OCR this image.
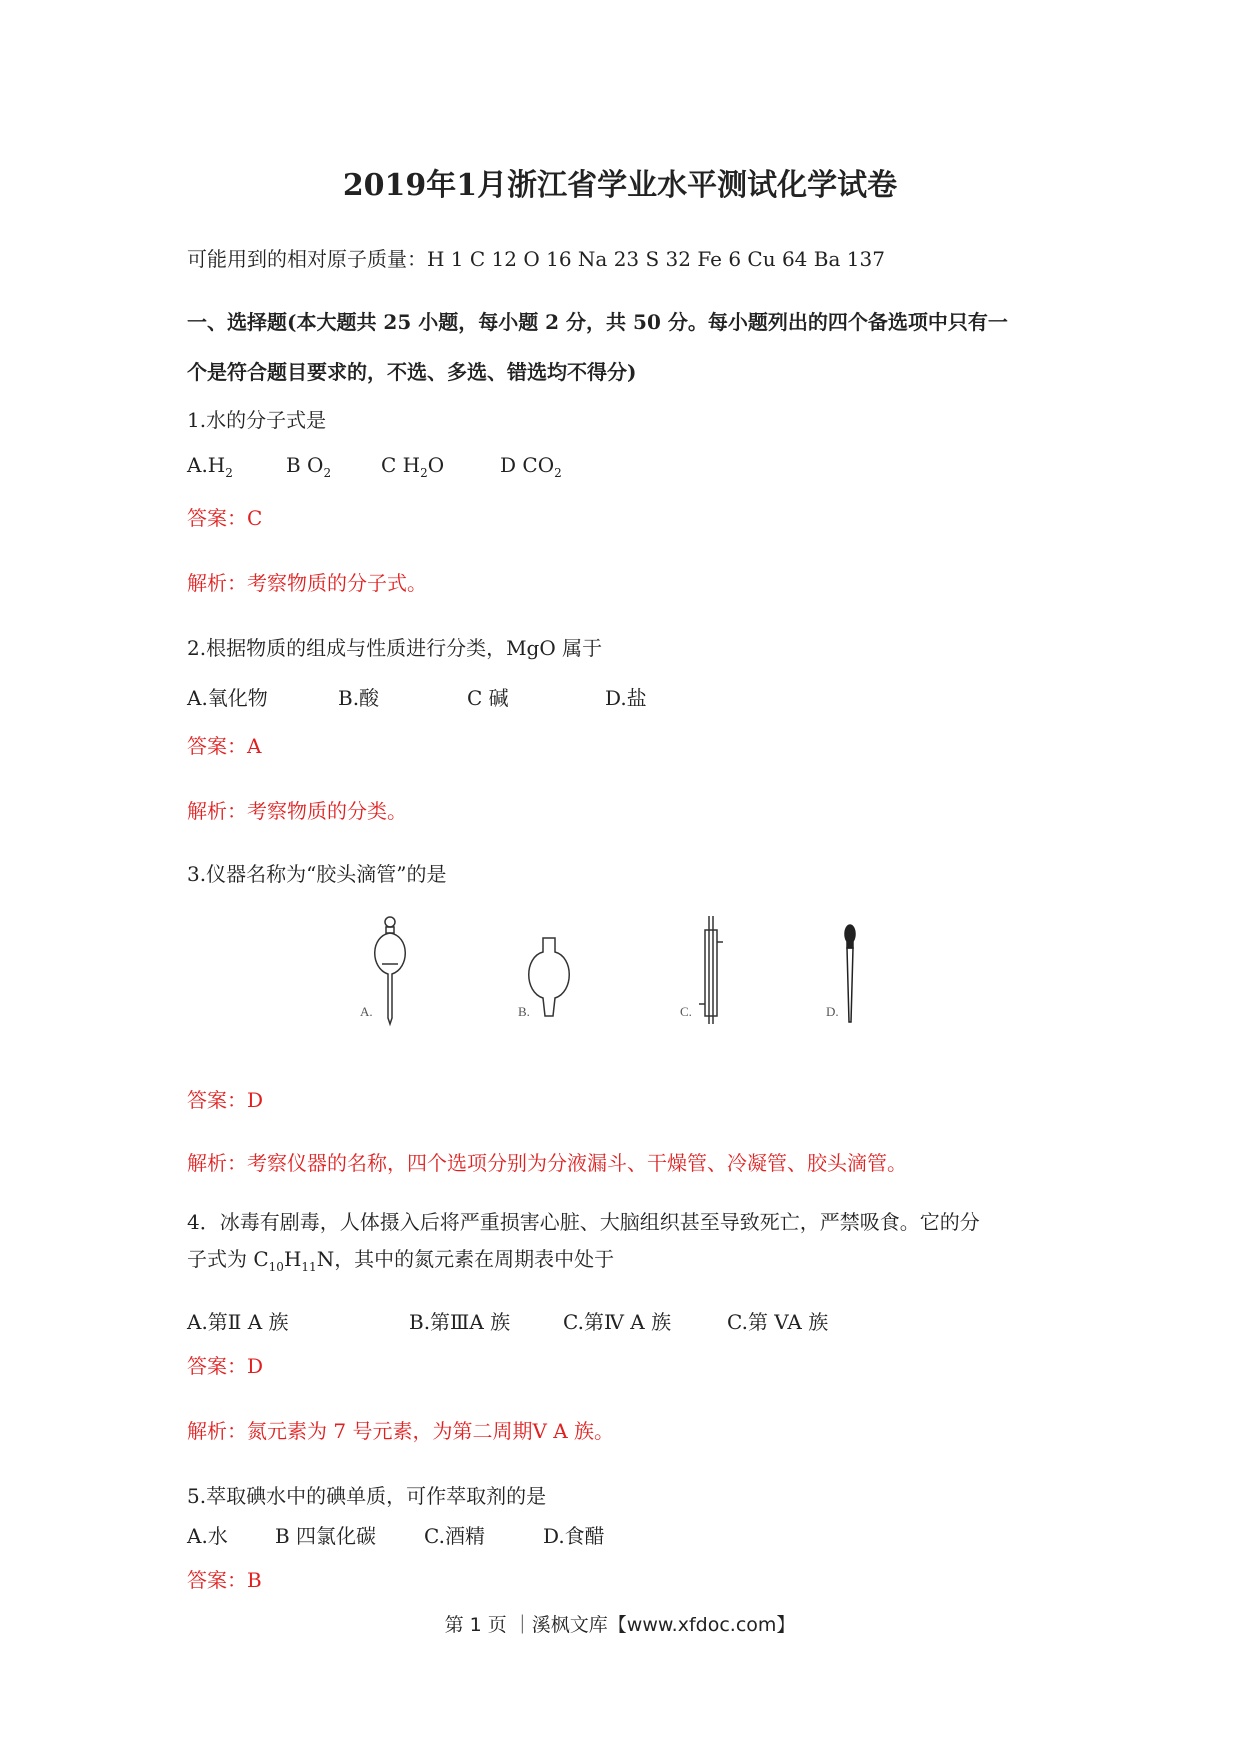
2019年1月浙江省学业水平测试化学试卷
可能用到的相对原子质量：H 1 C 12 O 16 Na 23 S 32 Fe 6 Cu 64 Ba 137
一、选择题(本大题共 25 小题，每小题 2 分，共 50 分。每小题列出的四个备选项中只有一
个是符合题目要求的，不选、多选、错选均不得分)
1.水的分子式是
$A.H_2$	B $O_2$ C $H_2O$	D $CO_2$
答案：C
解析：考察物质的分子式。
2.根据物质的组成与性质进行分类，MgO 属于
A.氧化物	B.酸	C 碱	D.盐
答案：A
解析：考察物质的分类。
3.仪器名称为“胶头滴管”的是
A.	B.	C.	D.
答案：D
解析：考察仪器的名称，四个选项分别为分液漏斗、干燥管、冷凝管、胶头滴管。
4．冰毒有剧毒，人体摄入后将严重损害心脏、大脑组织甚至导致死亡，严禁吸食。它的分
子式为 $C_{10}H_{11}N$，其中的氮元素在周期表中处于
A.第Ⅱ A 族	B.第ⅢA 族	C.第Ⅳ A 族	C.第 VA 族
答案：D
解析：氮元素为 7 号元素，为第二周期Ⅴ A 族。
5.萃取碘水中的碘单质，可作萃取剂的是
A.水 B 四氯化碳 C.酒精	D.食醋
答案：B
第 1 页 ｜溪枫文库【www.xfdoc.com】
